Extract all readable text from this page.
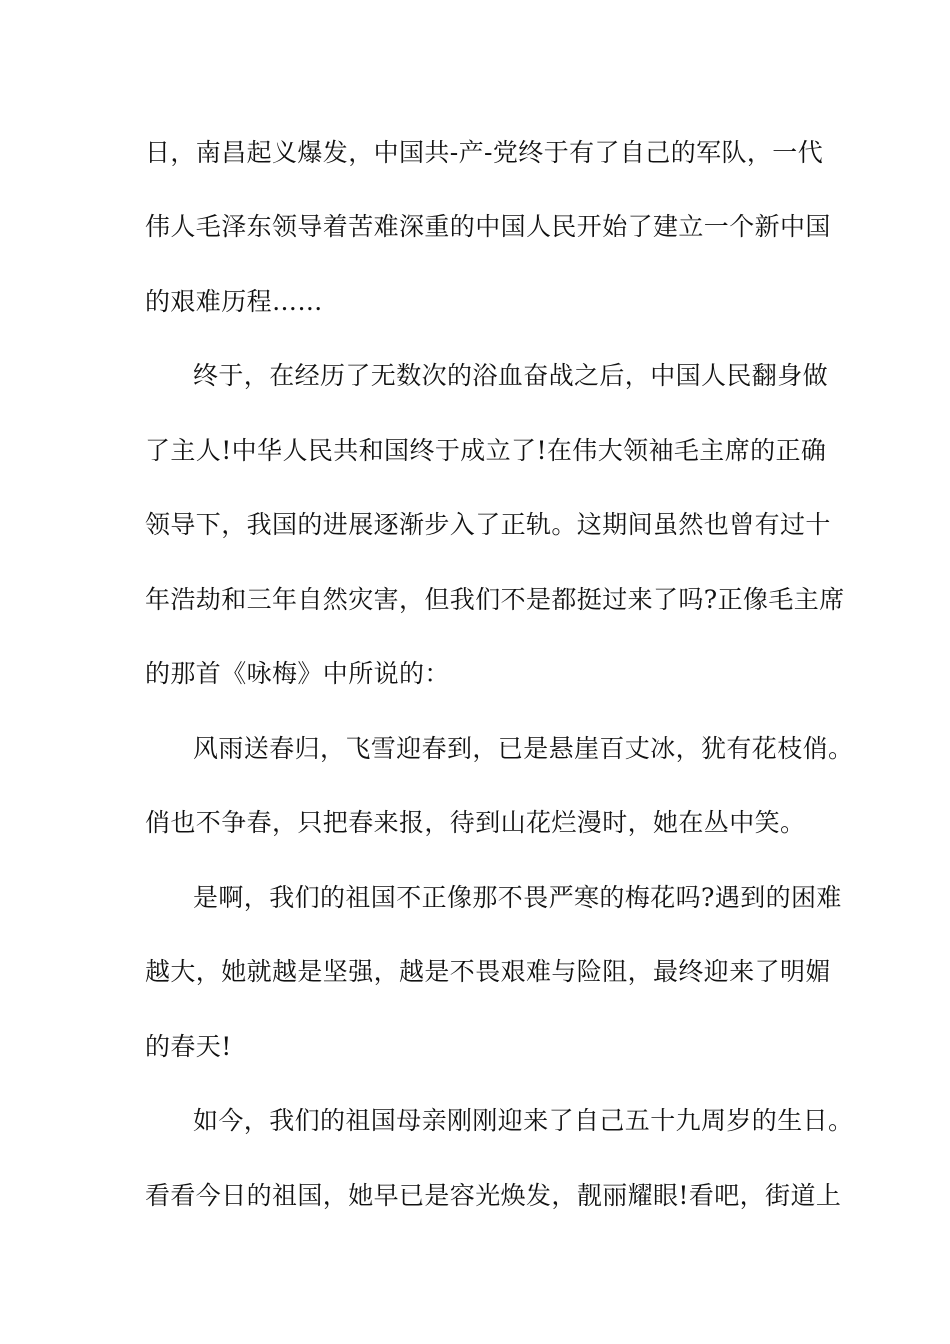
日，南昌起义爆发，中国共-产-党终于有了自己的军队，一代
伟人毛泽东领导着苦难深重的中国人民开始了建立一个新中国
的艰难历程……
终于，在经历了无数次的浴血奋战之后，中国人民翻身做
了主人!中华人民共和国终于成立了!在伟大领袖毛主席的正确
领导下，我国的进展逐渐步入了正轨。这期间虽然也曾有过十
年浩劫和三年自然灾害，但我们不是都挺过来了吗?正像毛主席
的那首《咏梅》中所说的：
风雨送春归，飞雪迎春到，已是悬崖百丈冰，犹有花枝俏。
俏也不争春，只把春来报，待到山花烂漫时，她在丛中笑。
是啊，我们的祖国不正像那不畏严寒的梅花吗?遇到的困难
越大，她就越是坚强，越是不畏艰难与险阻，最终迎来了明媚
的春天!
如今，我们的祖国母亲刚刚迎来了自己五十九周岁的生日。
看看今日的祖国，她早已是容光焕发，靓丽耀眼!看吧，街道上
